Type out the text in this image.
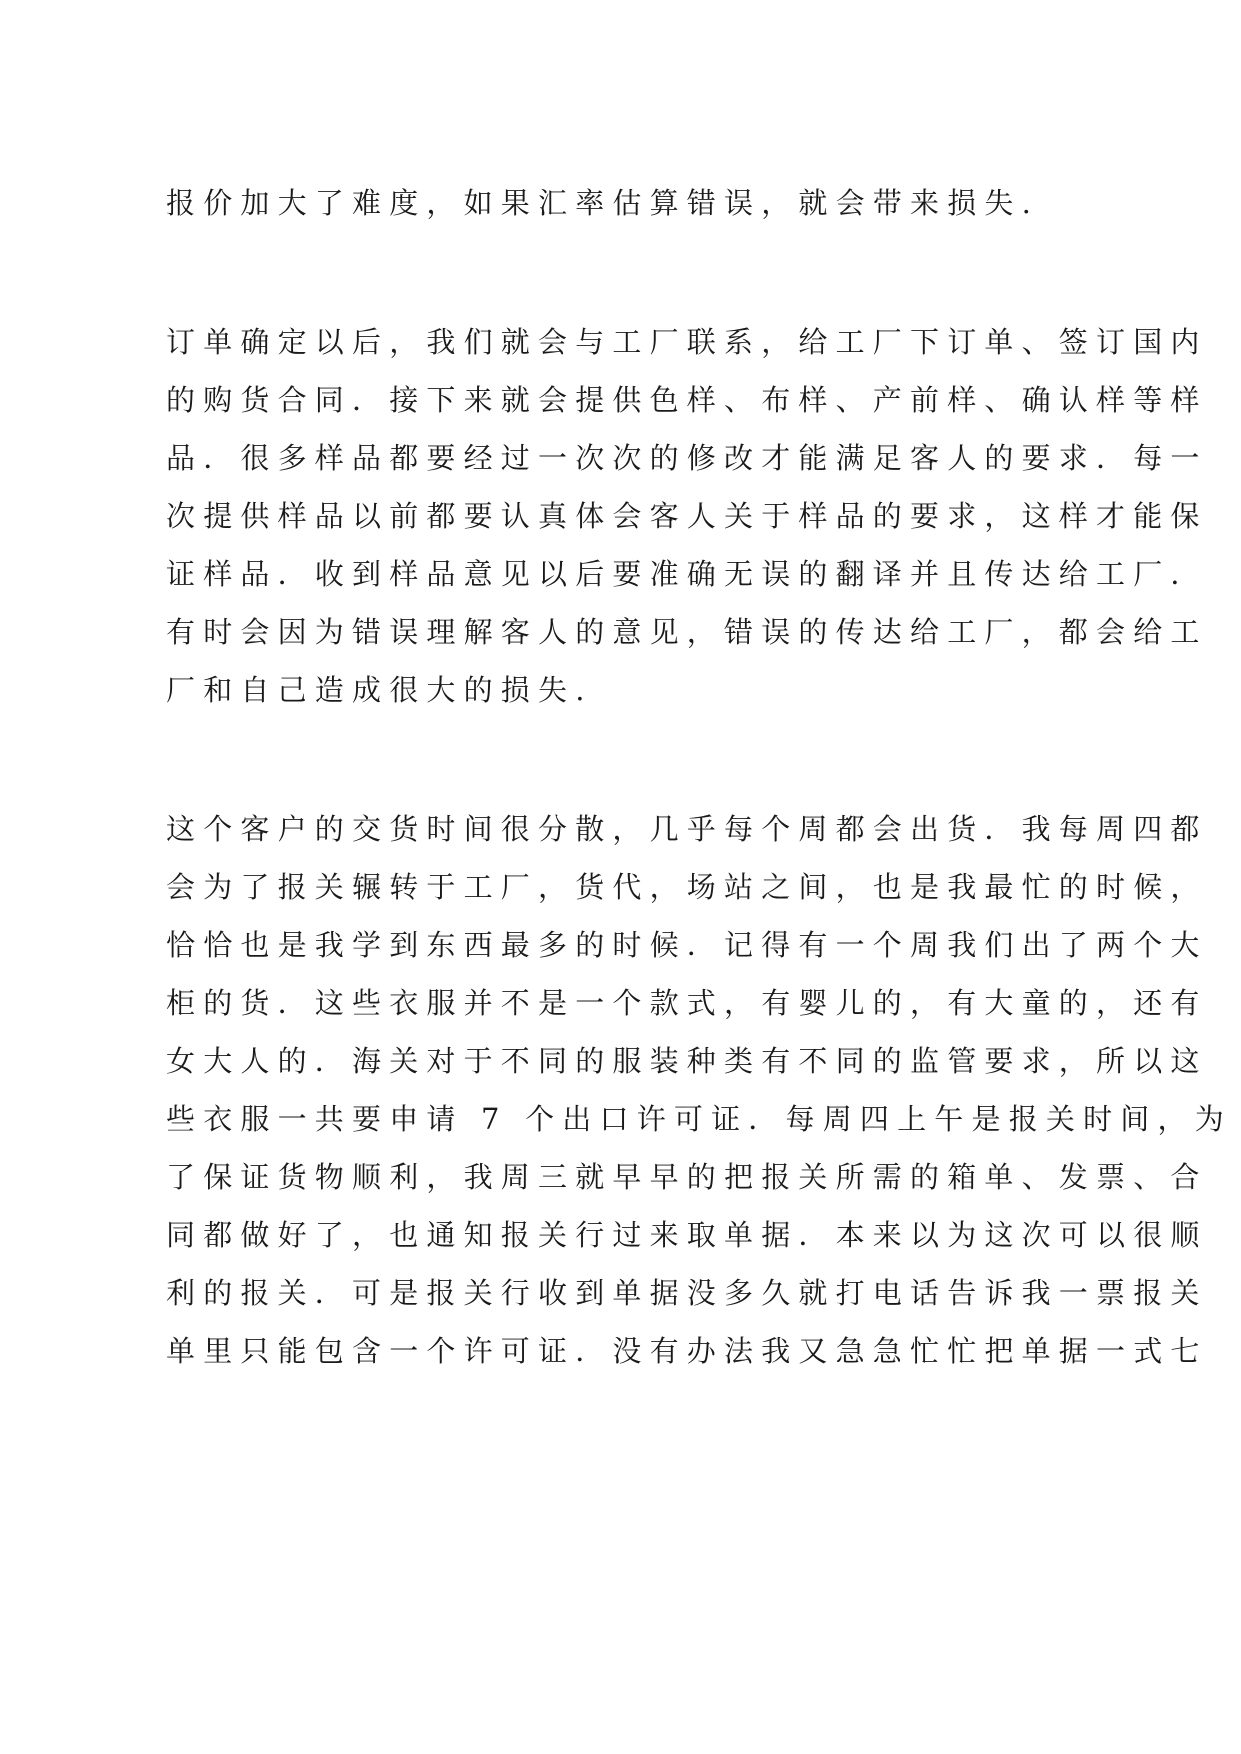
报价加大了难度，如果汇率估算错误，就会带来损失.
订单确定以后，我们就会与工厂联系，给工厂下订单、签订国内
的购货合同．接下来就会提供色样、布样、产前样、确认样等样
品．很多样品都要经过一次次的修改才能满足客人的要求．每一
次提供样品以前都要认真体会客人关于样品的要求，这样才能保
证样品．收到样品意见以后要准确无误的翻译并且传达给工厂．
有时会因为错误理解客人的意见，错误的传达给工厂，都会给工
厂和自己造成很大的损失.
这个客户的交货时间很分散，几乎每个周都会出货．我每周四都
会为了报关辗转于工厂，货代，场站之间，也是我最忙的时候，
恰恰也是我学到东西最多的时候．记得有一个周我们出了两个大
柜的货．这些衣服并不是一个款式，有婴儿的，有大童的，还有
女大人的．海关对于不同的服装种类有不同的监管要求，所以这
些衣服一共要申请 7 个出口许可证．每周四上午是报关时间，为
了保证货物顺利，我周三就早早的把报关所需的箱单、发票、合
同都做好了，也通知报关行过来取单据．本来以为这次可以很顺
利的报关．可是报关行收到单据没多久就打电话告诉我一票报关
单里只能包含一个许可证．没有办法我又急急忙忙把单据一式七
